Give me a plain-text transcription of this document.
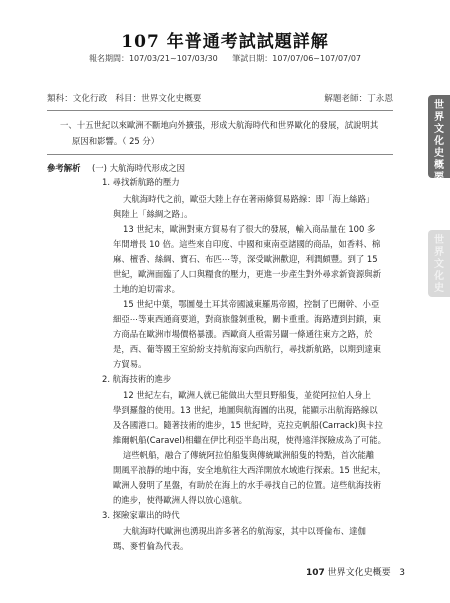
107 年普通考試試題詳解
報名期間：107/03/21~107/03/30 筆試日期：107/07/06~107/07/07
類科：文化行政 科目：世界文化史概要	解題老師：丁永恩
一、十五世紀以來歐洲不斷地向外擴張，形成大航海時代和世界歐化的發展，試說明其
原因和影響。（ 25 分）
參考解析	(一) 大航海時代形成之因
1. 尋找新航路的壓力
大航海時代之前，歐亞大陸上存在著兩條貿易路線：即「海上絲路」
與陸上「絲綢之路」。
13 世紀末，歐洲對東方貿易有了很大的發展，輸入商品量在 100 多
年間增長 10 倍。這些來自印度、中國和東南亞諸國的商品，如香料、棉
麻、檀香、絲綢、寶石、布匹⋯等，深受歐洲歡迎，利潤頗豐。到了 15
世紀，歐洲面臨了人口與糧食的壓力，更進一步產生對外尋求新資源與新
土地的迫切需求。
15 世紀中葉，鄂圖曼土耳其帝國滅東羅馬帝國，控制了巴爾幹、小亞
細亞⋯等東西通商要道，對商旅盤剝重稅，關卡重重。海路遭到封鎖，東
方商品在歐洲市場價格暴漲。西歐商人亟需另闢一條通往東方之路，於
是，西、葡等國王室紛紛支持航海家向西航行，尋找新航路，以期到達東
方貿易。
2. 航海技術的進步
12 世紀左右，歐洲人就已能做出大型貝野船隻，並從阿拉伯人身上
學到羅盤的使用。13 世紀，地圖與航海圖的出現，能顯示出航海路線以
及各國港口。隨著技術的進步，15 世紀時，克拉克帆船(Carrack)與卡拉
維爾帆船(Caravel)相繼在伊比利亞半島出現，使得遠洋探險成為了可能。
這些帆船，融合了傳統阿拉伯船隻與傳統歐洲船隻的特點，首次能離
開風平浪靜的地中海，安全地航往大西洋開放水域進行探索。15 世紀末，
歐洲人發明了星盤，有助於在海上的水手尋找自己的位置。這些航海技術
的進步，使得歐洲人得以放心遠航。
3. 探險家輩出的時代
大航海時代歐洲也湧現出許多著名的航海家，其中以哥倫布、達伽
瑪、麥哲倫為代表。
世
界
文
化
史
概
要
世
界
文
化
史
107 世界文化史概要 3
